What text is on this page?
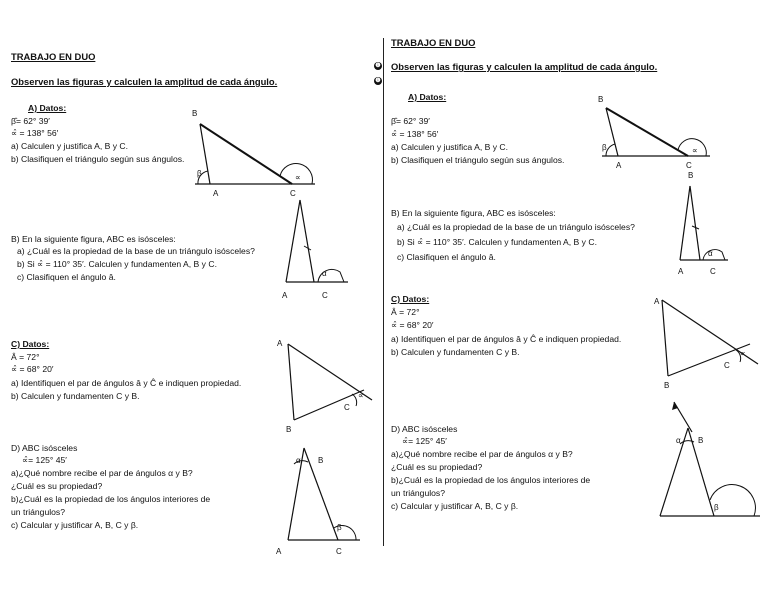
TRABAJO EN DUO
Observen las figuras y calculen la amplitud de cada ángulo.
A) Datos:
β̂= 62° 39′
∝̂ = 138° 56′
a) Calculen y justifica A, B y C.
b) Clasifiquen el triángulo según sus ángulos.
B
β
A	C
∝
B) En la siguiente figura, ABC es isósceles:
a) ¿Cuál es la propiedad de la base de un triángulo isósceles?
b) Si ∝̂ = 110° 35′. Calculen y fundamenten A, B y C.
c) Clasifiquen el ángulo â.	α
A	C
C) Datos:
Â = 72°
∝̂ = 68° 20′
a) Identifiquen el par de ángulos â y Ĉ e indiquen propiedad.
b) Calculen y fundamenten C y B.
A
C
∝
B
D) ABC isósceles
∝̂= 125° 45′
a)¿Qué nombre recibe el par de ángulos α y B?
¿Cuál es su propiedad?
b)¿Cuál es la propiedad de los ángulos interiores de
un triángulos?
c) Calcular y justificar A, B, C y β.
α B
β
A	C
❶
❶
TRABAJO EN DUO
Observen las figuras y calculen la amplitud de cada ángulo.
A) Datos:
β̂= 62° 39′
∝̂ = 138° 56′
a) Calculen y justifica A, B y C.
b) Clasifiquen el triángulo según sus ángulos.
B
β
A	C
∝
B) En la siguiente figura, ABC es isósceles:
a) ¿Cuál es la propiedad de la base de un triángulo isósceles?
b) Si ∝̂ = 110° 35′. Calculen y fundamenten A, B y C.
c) Clasifiquen el ángulo â.
B
α
A	C
C) Datos:
Â = 72°
∝̂ = 68° 20′
a) Identifiquen el par de ángulos â y Ĉ e indiquen propiedad.
b) Calculen y fundamenten C y B.
A
C
∝
B
D) ABC isósceles
∝̂= 125° 45′
a)¿Qué nombre recibe el par de ángulos α y B?
¿Cuál es su propiedad?
b)¿Cuál es la propiedad de los ángulos interiores de
un triángulos?
c) Calcular y justificar A, B, C y β.
α B
β
